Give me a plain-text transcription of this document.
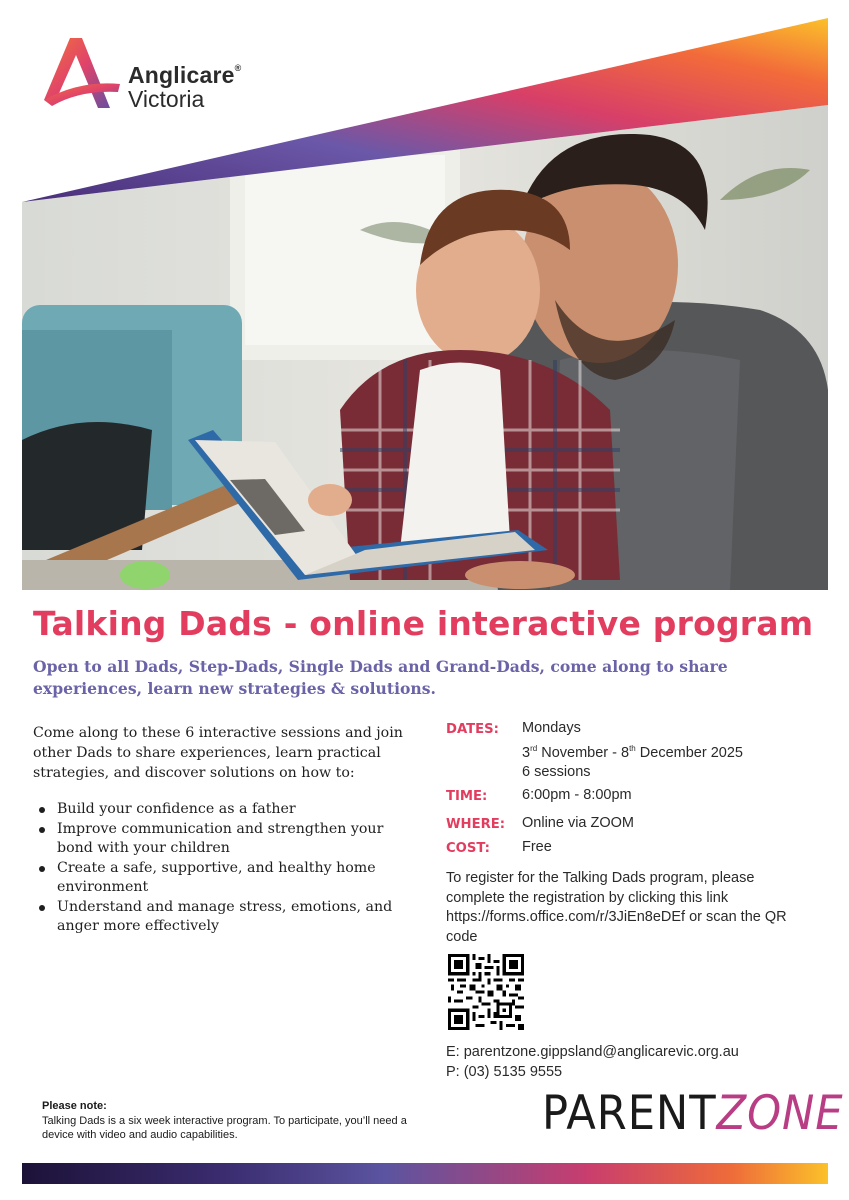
Anglicare®
Victoria
Talking Dads - online interactive program
Open to all Dads, Step-Dads, Single Dads and Grand-Dads, come along to share experiences, learn new strategies & solutions.
Come along to these 6 interactive sessions and join other Dads to share experiences, learn practical strategies, and discover solutions on how to:
Build your confidence as a father
Improve communication and strengthen your bond with your children
Create a safe, supportive, and healthy home environment
Understand and manage stress, emotions, and anger more effectively
DATES: Mondays
3rd November - 8th December 2025
6 sessions
TIME: 6:00pm - 8:00pm
WHERE: Online via ZOOM
COST: Free
To register for the Talking Dads program, please complete the registration by clicking this link https://forms.office.com/r/3JiEn8eDEf or scan the QR code
E: parentzone.gippsland@anglicarevic.org.au
P: (03) 5135 9555
Please note:
Talking Dads is a six week interactive program. To participate, you’ll need a device with video and audio capabilities.	PARENTZONE
